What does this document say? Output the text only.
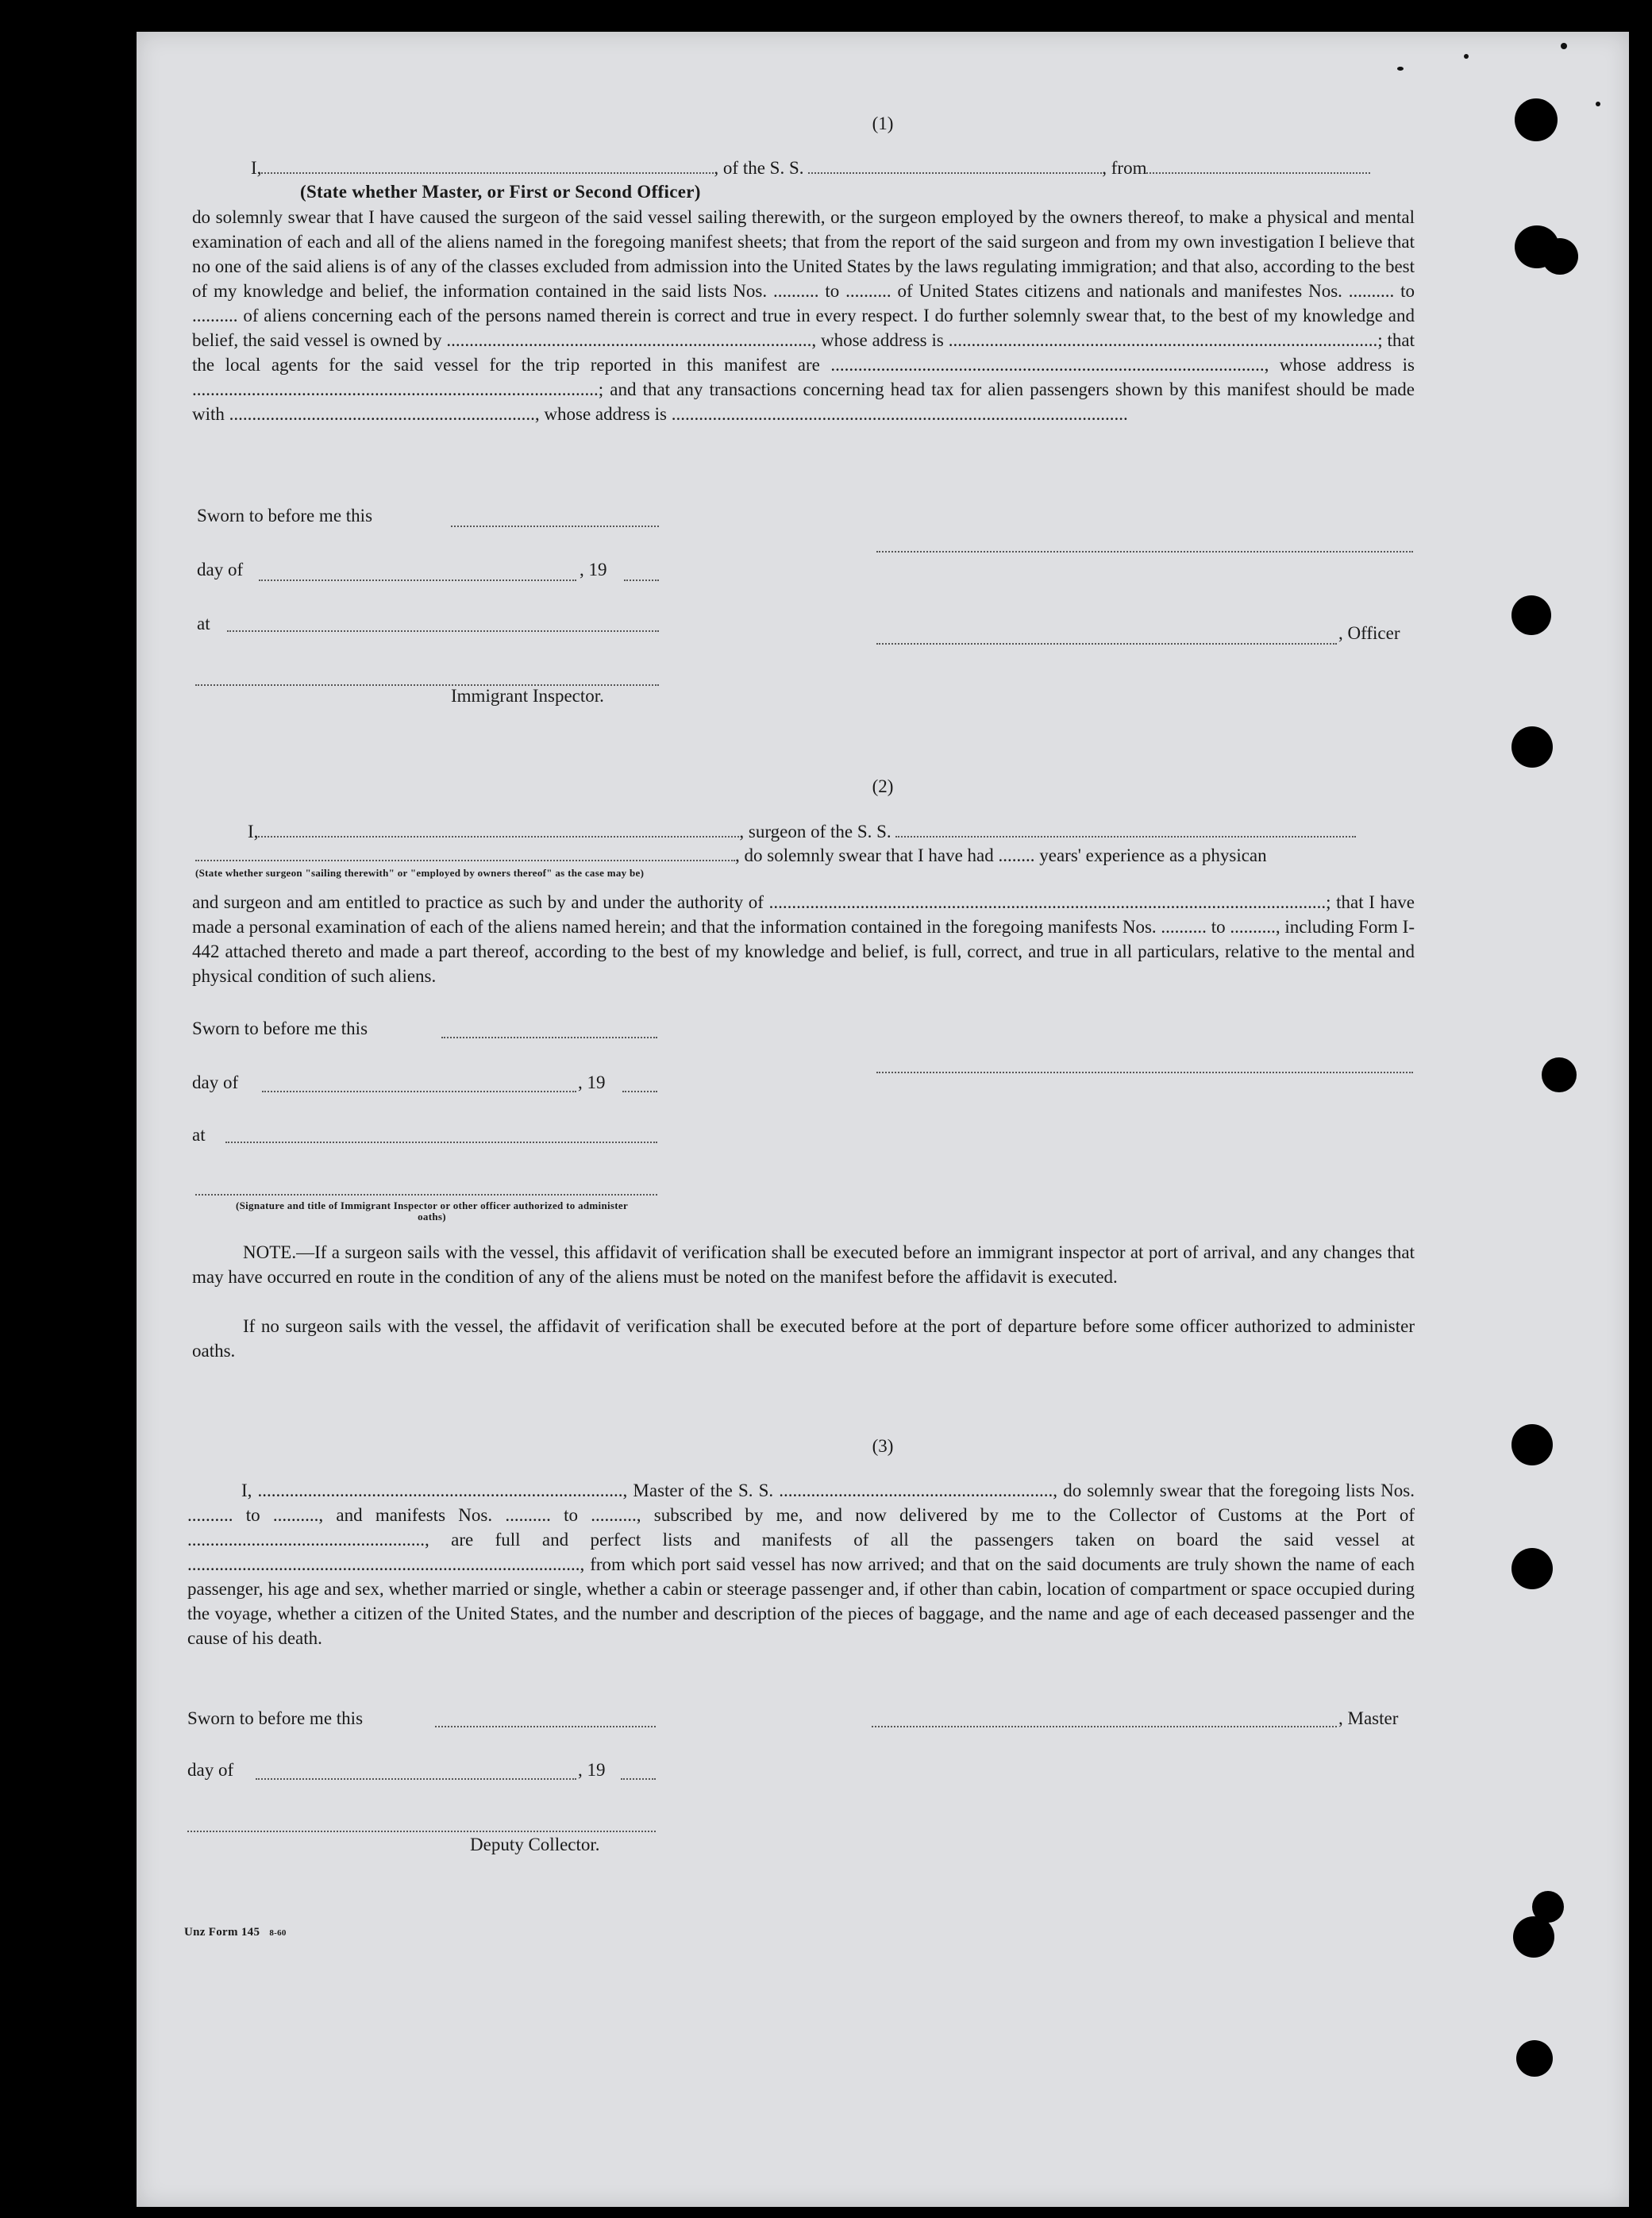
(1)
I,	, of the S. S.	, from
(State whether Master, or First or Second Officer)
do solemnly swear that I have caused the surgeon of the said vessel sailing therewith, or the surgeon employed by the owners thereof, to make a physical and mental examination of each and all of the aliens named in the foregoing manifest sheets; that from the report of the said surgeon and from my own investigation I believe that no one of the said aliens is of any of the classes excluded from admission into the United States by the laws regulating immigration; and that also, according to the best of my knowledge and belief, the information contained in the said lists Nos. .......... to .......... of United States citizens and nationals and manifestes Nos. .......... to .......... of aliens concerning each of the persons named therein is correct and true in every respect. I do further solemnly swear that, to the best of my knowledge and belief, the said vessel is owned by ................................................................................, whose address is ..............................................................................................; that the local agents for the said vessel for the trip reported in this manifest are ..............................................................................................., whose address is .........................................................................................; and that any transactions concerning head tax for alien passengers shown by this manifest should be made with ..................................................................., whose address is ....................................................................................................
Sworn to before me this
day of	, 19
at	, Officer
Immigrant Inspector.
(2)
I,	, surgeon of the S. S.
, do solemnly swear that I have had ........ years' experience as a physican
(State whether surgeon "sailing therewith" or "employed by owners thereof" as the case may be)
and surgeon and am entitled to practice as such by and under the authority of ..........................................................................................................................; that I have made a personal examination of each of the aliens named herein; and that the information contained in the foregoing manifests Nos. .......... to .........., including Form I-442 attached thereto and made a part thereof, according to the best of my knowledge and belief, is full, correct, and true in all particulars, relative to the mental and physical condition of such aliens.
Sworn to before me this
day of	, 19
at
(Signature and title of Immigrant Inspector or other officer authorized to administer oaths)
NOTE.—If a surgeon sails with the vessel, this affidavit of verification shall be executed before an immigrant inspector at port of arrival, and any changes that may have occurred en route in the condition of any of the aliens must be noted on the manifest before the affidavit is executed.
If no surgeon sails with the vessel, the affidavit of verification shall be executed before at the port of departure before some officer authorized to administer oaths.
(3)
I, ................................................................................, Master of the S. S. ............................................................, do solemnly swear that the foregoing lists Nos. .......... to .........., and manifests Nos. .......... to .........., subscribed by me, and now delivered by me to the Collector of Customs at the Port of ...................................................., are full and perfect lists and manifests of all the passengers taken on board the said vessel at ......................................................................................, from which port said vessel has now arrived; and that on the said documents are truly shown the name of each passenger, his age and sex, whether married or single, whether a cabin or steerage passenger and, if other than cabin, location of compartment or space occupied during the voyage, whether a citizen of the United States, and the number and description of the pieces of baggage, and the name and age of each deceased passenger and the cause of his death.
Sworn to before me this	, Master
day of	, 19
Deputy Collector.
Unz Form 145 8-60
